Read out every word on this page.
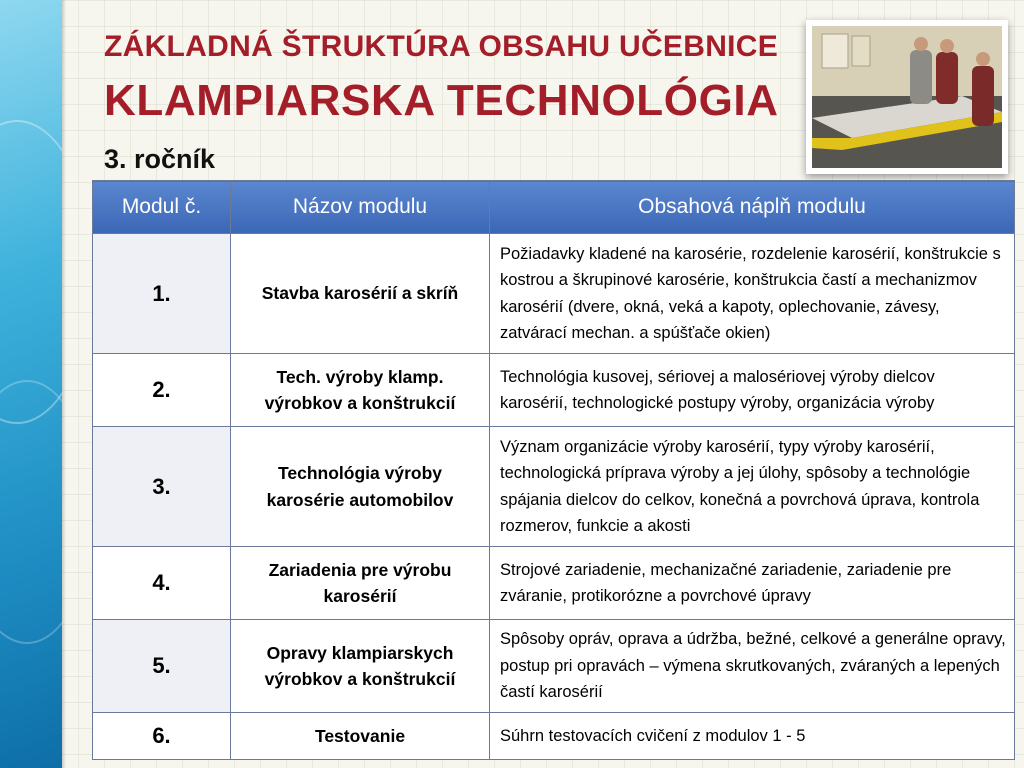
ZÁKLADNÁ ŠTRUKTÚRA OBSAHU UČEBNICE
KLAMPIARSKA TECHNOLÓGIA
3. ročník
Modul č.	Názov modulu	Obsahová náplň modulu
1.	Stavba karosérií a skríň	Požiadavky kladené na karosérie, rozdelenie karosérií, konštrukcie s kostrou a škrupinové karosérie, konštrukcia častí a mechanizmov karosérií (dvere, okná, veká a kapoty, oplechovanie, závesy, zatvárací mechan. a spúšťače okien)
2.	Tech. výroby klamp. výrobkov a konštrukcií	Technológia kusovej, sériovej a malosériovej výroby dielcov karosérií, technologické postupy výroby, organizácia výroby
3.	Technológia výroby karosérie automobilov	Význam organizácie výroby karosérií, typy výroby karosérií, technologická príprava výroby a jej úlohy, spôsoby a technológie spájania dielcov do celkov, konečná a povrchová úprava, kontrola rozmerov, funkcie a akosti
4.	Zariadenia pre výrobu karosérií	Strojové zariadenie, mechanizačné zariadenie, zariadenie pre zváranie, protikorózne a povrchové úpravy
5.	Opravy klampiarskych výrobkov a konštrukcií	Spôsoby opráv, oprava a údržba, bežné, celkové a generálne opravy, postup pri opravách – výmena skrutkovaných, zváraných a lepených častí karosérií
6.	Testovanie	Súhrn testovacích cvičení z modulov 1 - 5
